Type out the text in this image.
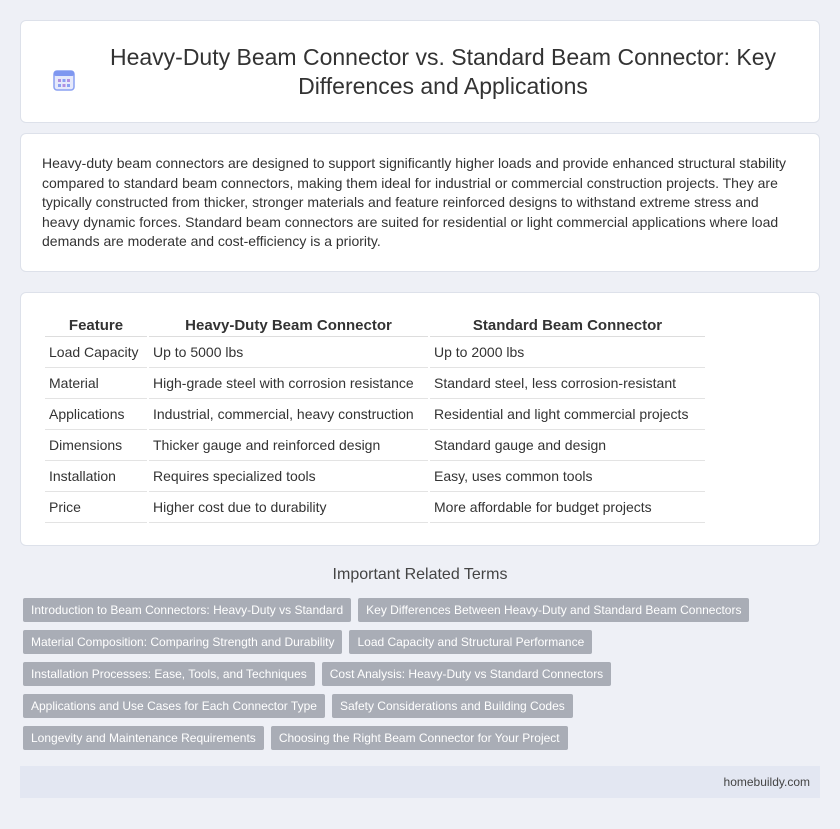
Heavy-Duty Beam Connector vs. Standard Beam Connector: Key Differences and Applications

Heavy-duty beam connectors are designed to support significantly higher loads and provide enhanced structural stability compared to standard beam connectors, making them ideal for industrial or commercial construction projects. They are typically constructed from thicker, stronger materials and feature reinforced designs to withstand extreme stress and heavy dynamic forces. Standard beam connectors are suited for residential or light commercial applications where load demands are moderate and cost-efficiency is a priority.

Feature	Heavy-Duty Beam Connector	Standard Beam Connector
Load Capacity	Up to 5000 lbs	Up to 2000 lbs
Material	High-grade steel with corrosion resistance	Standard steel, less corrosion-resistant
Applications	Industrial, commercial, heavy construction	Residential and light commercial projects
Dimensions	Thicker gauge and reinforced design	Standard gauge and design
Installation	Requires specialized tools	Easy, uses common tools
Price	Higher cost due to durability	More affordable for budget projects
Important Related Terms
Introduction to Beam Connectors: Heavy-Duty vs Standard	Key Differences Between Heavy-Duty and Standard Beam Connectors
Material Composition: Comparing Strength and Durability	Load Capacity and Structural Performance
Installation Processes: Ease, Tools, and Techniques	Cost Analysis: Heavy-Duty vs Standard Connectors
Applications and Use Cases for Each Connector Type	Safety Considerations and Building Codes
Longevity and Maintenance Requirements	Choosing the Right Beam Connector for Your Project
homebuildy.com
